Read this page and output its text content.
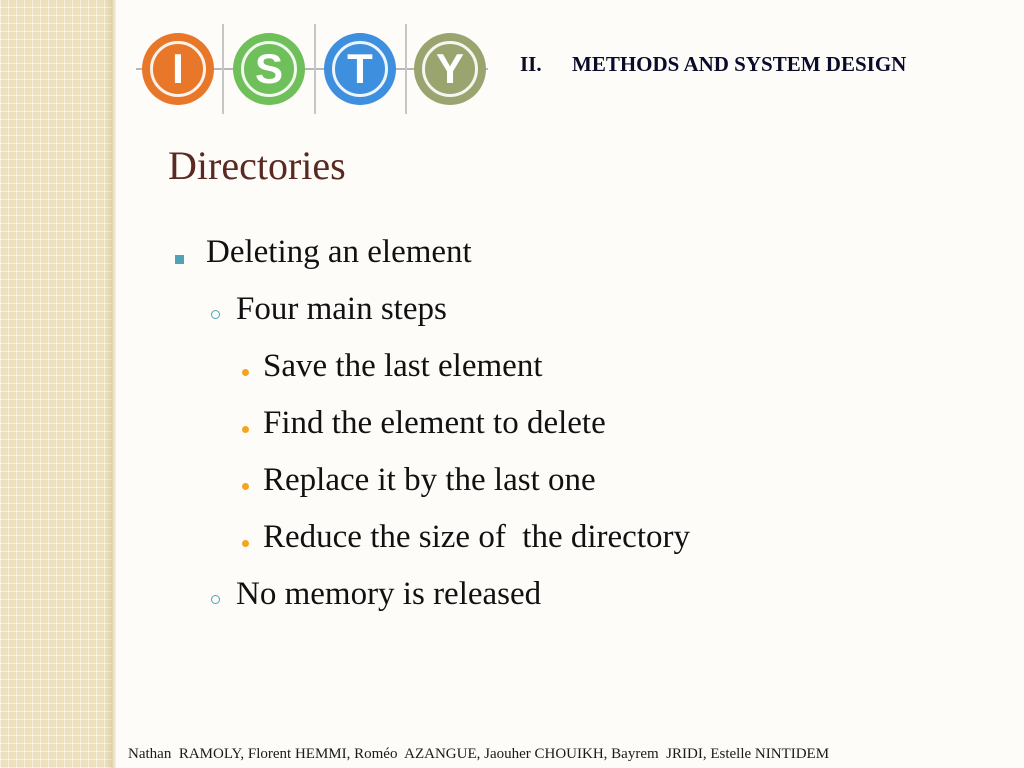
I S T Y	II. METHODS AND SYSTEM DESIGN
Directories
Deleting an element
Four main steps
Save the last element
Find the element to delete
Replace it by the last one
Reduce the size of  the directory
No memory is released
Nathan  RAMOLY, Florent HEMMI, Roméo  AZANGUE, Jaouher CHOUIKH, Bayrem  JRIDI, Estelle NINTIDEM
